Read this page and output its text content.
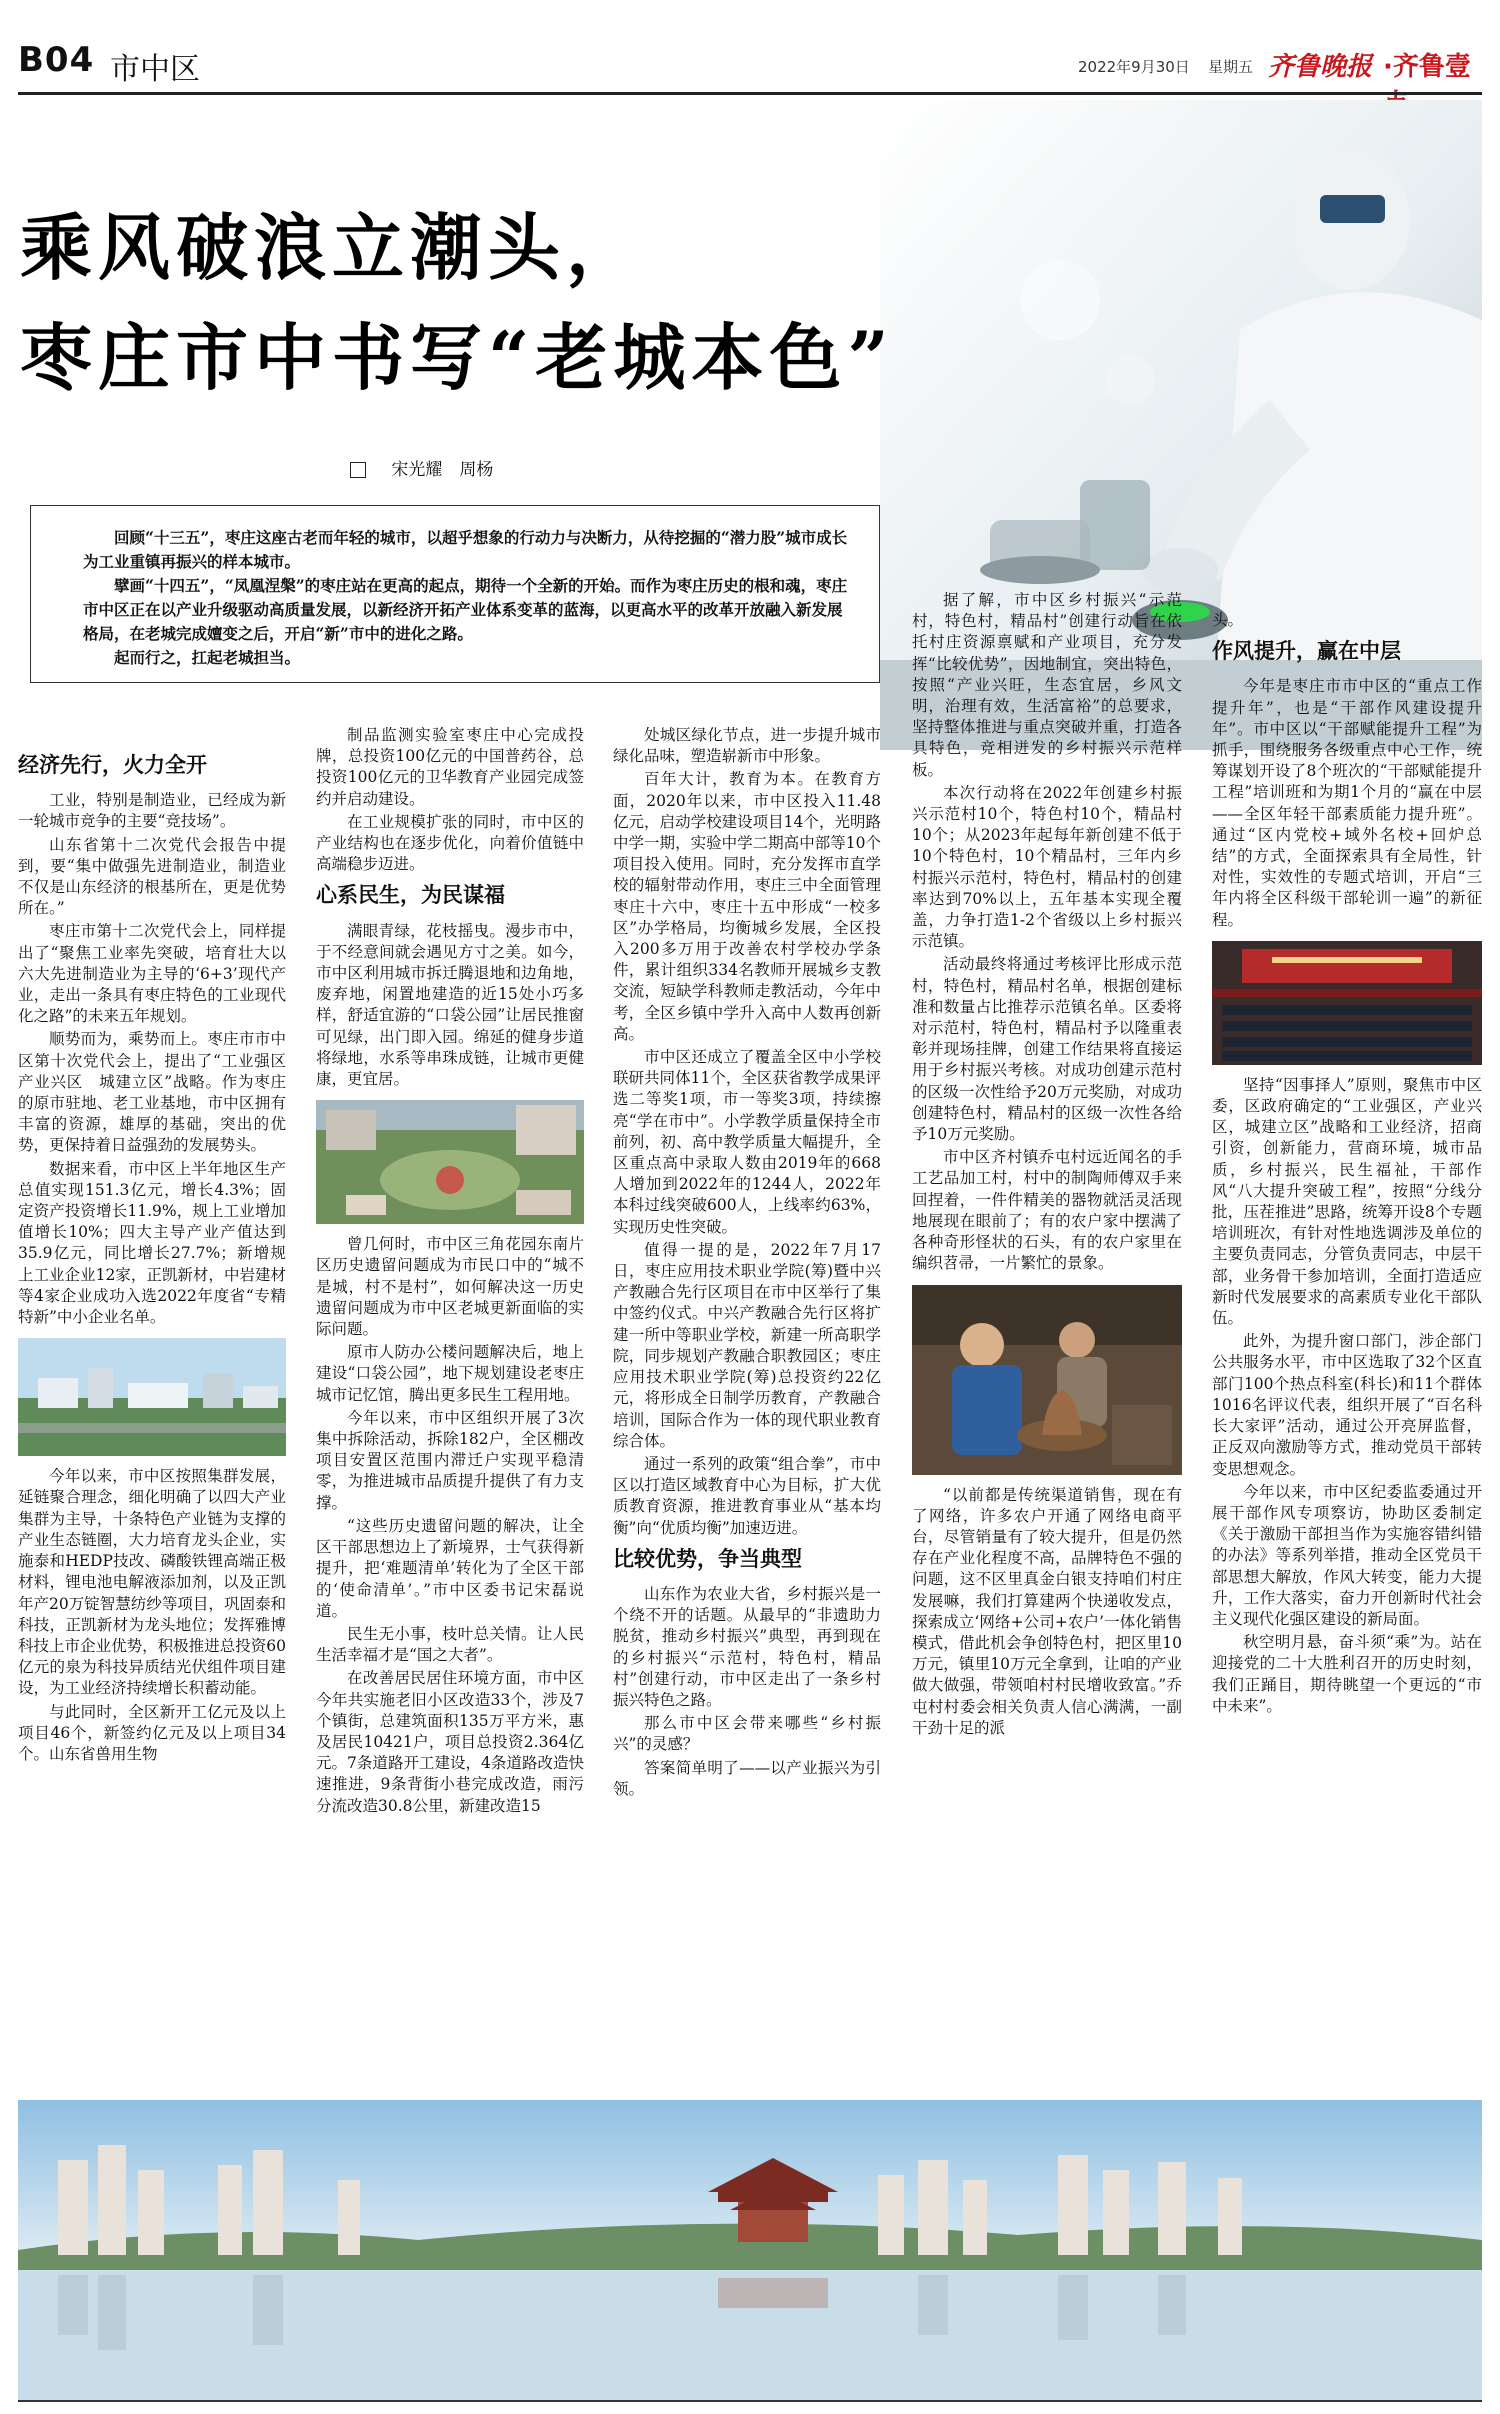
B04 市中区	2022年9月30日 星期五 齐鲁晚报 ·齐鲁壹
乘风破浪立潮头，
枣庄市中书写“老城本色”
宋光耀　周杨

回顾“十三五”，枣庄这座古老而年轻的城市，以超乎想象的行动力与决断力，从待挖掘的“潜力股”城市成长为工业重镇再振兴的样本城市。

擘画“十四五”，“凤凰涅槃”的枣庄站在更高的起点，期待一个全新的开始。而作为枣庄历史的根和魂，枣庄市中区正在以产业升级驱动高质量发展，以新经济开拓产业体系变革的蓝海，以更高水平的改革开放融入新发展格局，在老城完成嬗变之后，开启“新”市中的进化之路。

起而行之，扛起老城担当。

经济先行，火力全开

工业，特别是制造业，已经成为新一轮城市竞争的主要“竞技场”。

山东省第十二次党代会报告中提到，要“集中做强先进制造业，制造业不仅是山东经济的根基所在，更是优势所在。”

枣庄市第十二次党代会上，同样提出了“聚焦工业率先突破，培育壮大以六大先进制造业为主导的‘6+3’现代产业，走出一条具有枣庄特色的工业现代化之路”的未来五年规划。

顺势而为，乘势而上。枣庄市市中区第十次党代会上，提出了“工业强区　产业兴区　城建立区”战略。作为枣庄的原市驻地、老工业基地，市中区拥有丰富的资源，雄厚的基础，突出的优势，更保持着日益强劲的发展势头。

数据来看，市中区上半年地区生产总值实现151.3亿元，增长4.3%；固定资产投资增长11.9%，规上工业增加值增长10%；四大主导产业产值达到35.9亿元，同比增长27.7%；新增规上工业企业12家，正凯新材，中岩建材等4家企业成功入选2022年度省“专精特新”中小企业名单。

今年以来，市中区按照集群发展，延链聚合理念，细化明确了以四大产业集群为主导，十条特色产业链为支撑的产业生态链圈，大力培育龙头企业，实施泰和HEDP技改、磷酸铁锂高端正极材料，锂电池电解液添加剂，以及正凯年产20万锭智慧纺纱等项目，巩固泰和科技，正凯新材为龙头地位；发挥雅博科技上市企业优势，积极推进总投资60亿元的泉为科技异质结光伏组件项目建设，为工业经济持续增长积蓄动能。

与此同时，全区新开工亿元及以上项目46个，新签约亿元及以上项目34个。山东省兽用生物

制品监测实验室枣庄中心完成投牌，总投资100亿元的中国普药谷，总投资100亿元的卫华教育产业园完成签约并启动建设。

在工业规模扩张的同时，市中区的产业结构也在逐步优化，向着价值链中高端稳步迈进。

心系民生，为民谋福

满眼青绿，花枝摇曳。漫步市中，于不经意间就会遇见方寸之美。如今，市中区利用城市拆迁腾退地和边角地，废弃地，闲置地建造的近15处小巧多样，舒适宜游的“口袋公园”让居民推窗可见绿，出门即入园。绵延的健身步道将绿地，水系等串珠成链，让城市更健康，更宜居。

曾几何时，市中区三角花园东南片区历史遗留问题成为市民口中的“城不是城，村不是村”，如何解决这一历史遗留问题成为市中区老城更新面临的实际问题。

原市人防办公楼问题解决后，地上建设“口袋公园”，地下规划建设老枣庄城市记忆馆，腾出更多民生工程用地。

今年以来，市中区组织开展了3次集中拆除活动，拆除182户，全区棚改项目安置区范围内滞迁户实现平稳清零，为推进城市品质提升提供了有力支撑。

“这些历史遗留问题的解决，让全区干部思想边上了新境界，士气获得新提升，把‘难题清单’转化为了全区干部的‘使命清单’。”市中区委书记宋磊说道。

民生无小事，枝叶总关情。让人民生活幸福才是“国之大者”。

在改善居民居住环境方面，市中区今年共实施老旧小区改造33个，涉及7个镇街，总建筑面积135万平方米，惠及居民10421户，项目总投资2.364亿元。7条道路开工建设，4条道路改造快速推进，9条背街小巷完成改造，雨污分流改造30.8公里，新建改造15

处城区绿化节点，进一步提升城市绿化品味，塑造崭新市中形象。

百年大计，教育为本。在教育方面，2020年以来，市中区投入11.48亿元，启动学校建设项目14个，光明路中学一期，实验中学二期高中部等10个项目投入使用。同时，充分发挥市直学校的辐射带动作用，枣庄三中全面管理枣庄十六中，枣庄十五中形成“一校多区”办学格局，均衡城乡发展，全区投入200多万用于改善农村学校办学条件，累计组织334名教师开展城乡支教交流，短缺学科教师走教活动，今年中考，全区乡镇中学升入高中人数再创新高。

市中区还成立了覆盖全区中小学校联研共同体11个，全区获省教学成果评选二等奖1项，市一等奖3项，持续擦亮“学在市中”。小学教学质量保持全市前列，初、高中教学质量大幅提升，全区重点高中录取人数由2019年的668人增加到2022年的1244人，2022年本科过线突破600人，上线率约63%，实现历史性突破。

值得一提的是，2022年7月17日，枣庄应用技术职业学院(筹)暨中兴产教融合先行区项目在市中区举行了集中签约仪式。中兴产教融合先行区将扩建一所中等职业学校，新建一所高职学院，同步规划产教融合职教园区；枣庄应用技术职业学院(筹)总投资约22亿元，将形成全日制学历教育，产教融合培训，国际合作为一体的现代职业教育综合体。

通过一系列的政策“组合拳”，市中区以打造区域教育中心为目标，扩大优质教育资源，推进教育事业从“基本均衡”向“优质均衡”加速迈进。

比较优势，争当典型

山东作为农业大省，乡村振兴是一个绕不开的话题。从最早的“非遗助力脱贫，推动乡村振兴”典型，再到现在的乡村振兴“示范村，特色村，精品村”创建行动，市中区走出了一条乡村振兴特色之路。

那么市中区会带来哪些“乡村振兴”的灵感？

答案简单明了——以产业振兴为引领。

据了解，市中区乡村振兴“示范村，特色村，精品村”创建行动旨在依托村庄资源禀赋和产业项目，充分发挥“比较优势”，因地制宜，突出特色，按照“产业兴旺，生态宜居，乡风文明，治理有效，生活富裕”的总要求，坚持整体推进与重点突破并重，打造各具特色，竞相迸发的乡村振兴示范样板。

本次行动将在2022年创建乡村振兴示范村10个，特色村10个，精品村10个；从2023年起每年新创建不低于10个特色村，10个精品村，三年内乡村振兴示范村，特色村，精品村的创建率达到70%以上，五年基本实现全覆盖，力争打造1-2个省级以上乡村振兴示范镇。

活动最终将通过考核评比形成示范村，特色村，精品村名单，根据创建标准和数量占比推荐示范镇名单。区委将对示范村，特色村，精品村予以隆重表彰并现场挂牌，创建工作结果将直接运用于乡村振兴考核。对成功创建示范村的区级一次性给予20万元奖励，对成功创建特色村，精品村的区级一次性各给予10万元奖励。

市中区齐村镇乔屯村远近闻名的手工艺品加工村，村中的制陶师傅双手来回捏着，一件件精美的器物就活灵活现地展现在眼前了；有的农户家中摆满了各种奇形怪状的石头，有的农户家里在编织苕帚，一片繁忙的景象。

“以前都是传统渠道销售，现在有了网络，许多农户开通了网络电商平台，尽管销量有了较大提升，但是仍然存在产业化程度不高，品牌特色不强的问题，这不区里真金白银支持咱们村庄发展嘛，我们打算建两个快递收发点，探索成立‘网络+公司+农户’一体化销售模式，借此机会争创特色村，把区里10万元，镇里10万元全拿到，让咱的产业做大做强，带领咱村村民增收致富。”乔屯村村委会相关负责人信心满满，一副干劲十足的派

头。

作风提升，赢在中层

今年是枣庄市市中区的“重点工作提升年”，也是“干部作风建设提升年”。市中区以“干部赋能提升工程”为抓手，围绕服务各级重点中心工作，统筹谋划开设了8个班次的“干部赋能提升工程”培训班和为期1个月的“赢在中层——全区年轻干部素质能力提升班”。通过“区内党校+域外名校+回炉总结”的方式，全面探索具有全局性，针对性，实效性的专题式培训，开启“三年内将全区科级干部轮训一遍”的新征程。

坚持“因事择人”原则，聚焦市中区委，区政府确定的“工业强区，产业兴区，城建立区”战略和工业经济，招商引资，创新能力，营商环境，城市品质，乡村振兴，民生福祉，干部作风“八大提升突破工程”，按照“分线分批，压茬推进”思路，统筹开设8个专题培训班次，有针对性地选调涉及单位的主要负责同志，分管负责同志，中层干部，业务骨干参加培训，全面打造适应新时代发展要求的高素质专业化干部队伍。

此外，为提升窗口部门，涉企部门公共服务水平，市中区选取了32个区直部门100个热点科室(科长)和11个群体1016名评议代表，组织开展了“百名科长大家评”活动，通过公开亮屏监督，正反双向激励等方式，推动党员干部转变思想观念。

今年以来，市中区纪委监委通过开展干部作风专项察访，协助区委制定《关于激励干部担当作为实施容错纠错的办法》等系列举措，推动全区党员干部思想大解放，作风大转变，能力大提升，工作大落实，奋力开创新时代社会主义现代化强区建设的新局面。

秋空明月悬，奋斗须“乘”为。站在迎接党的二十大胜利召开的历史时刻，我们正踊目，期待眺望一个更远的“市中未来”。
